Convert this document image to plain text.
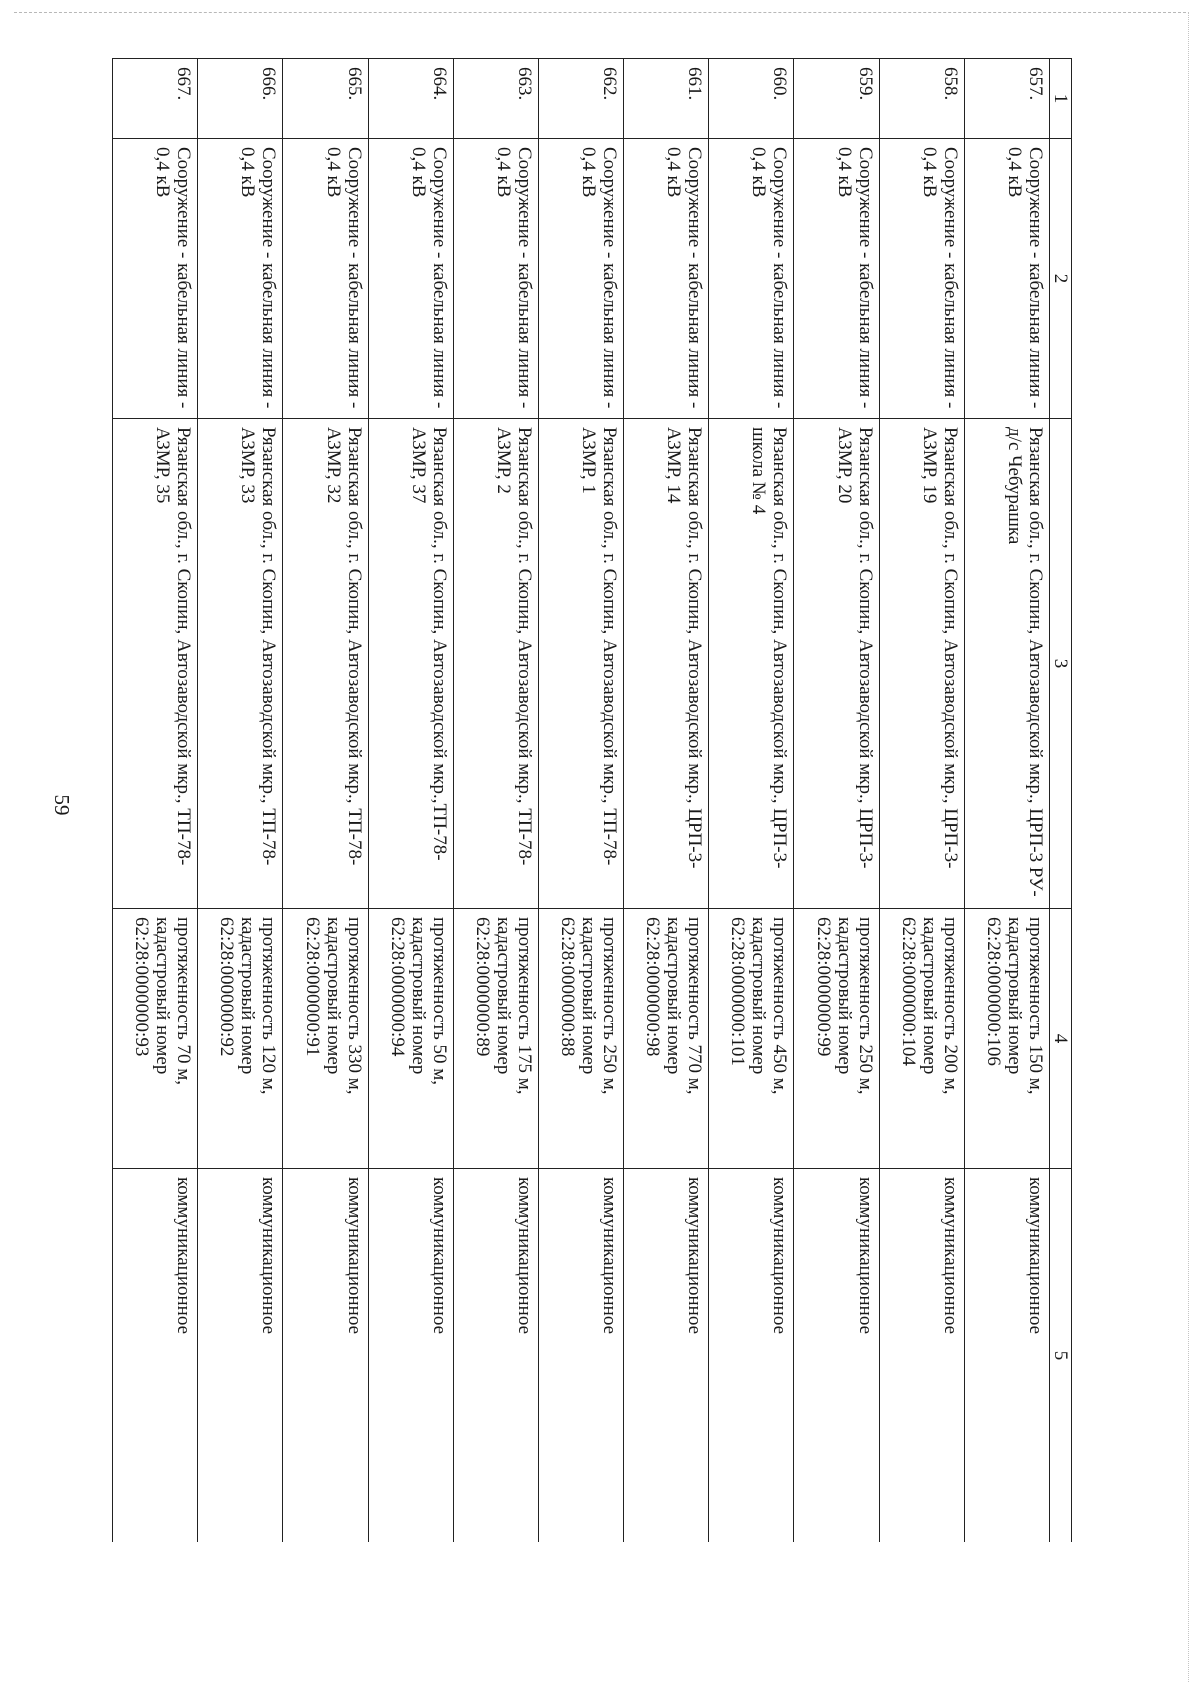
59
1	2	3	4	5
657.	Сооружение - кабельная линия - 0,4 кВ	Рязанская обл., г. Скопин, Автозаводской мкр., ЦРП-3 РУ-д/с Чебурашка	протяженность 150 м, кадастровый номер 62:28:0000000:106	коммуникационное
658.	Сооружение - кабельная линия - 0,4 кВ	Рязанская обл., г. Скопин, Автозаводской мкр., ЦРП-3-АЗМР, 19	протяженность 200 м, кадастровый номер 62:28:0000000:104	коммуникационное
659.	Сооружение - кабельная линия - 0,4 кВ	Рязанская обл., г. Скопин, Автозаводской мкр., ЦРП-3-АЗМР, 20	протяженность 250 м, кадастровый номер 62:28:0000000:99	коммуникационное
660.	Сооружение - кабельная линия - 0,4 кВ	Рязанская обл., г. Скопин, Автозаводской мкр., ЦРП-3- школа № 4	протяженность 450 м, кадастровый номер 62:28:0000000:101	коммуникационное
661.	Сооружение - кабельная линия - 0,4 кВ	Рязанская обл., г. Скопин, Автозаводской мкр., ЦРП-3-АЗМР, 14	протяженность 770 м, кадастровый номер 62:28:0000000:98	коммуникационное
662.	Сооружение - кабельная линия - 0,4 кВ	Рязанская обл., г. Скопин, Автозаводской мкр., ТП-78-АЗМР, 1	протяженность 250 м, кадастровый номер 62:28:0000000:88	коммуникационное
663.	Сооружение - кабельная линия - 0,4 кВ	Рязанская обл., г. Скопин, Автозаводской мкр., ТП-78-АЗМР, 2	протяженность 175 м, кадастровый номер 62:28:0000000:89	коммуникационное
664.	Сооружение - кабельная линия - 0,4 кВ	Рязанская обл., г. Скопин, Автозаводской мкр.,ТП-78-АЗМР, 37	протяженность 50 м, кадастровый номер 62:28:0000000:94	коммуникационное
665.	Сооружение - кабельная линия - 0,4 кВ	Рязанская обл., г. Скопин, Автозаводской мкр., ТП-78-АЗМР, 32	протяженность 330 м, кадастровый номер 62:28:0000000:91	коммуникационное
666.	Сооружение - кабельная линия - 0,4 кВ	Рязанская обл., г. Скопин, Автозаводской мкр., ТП-78- АЗМР, 33	протяженность 120 м, кадастровый номер 62:28:0000000:92	коммуникационное
667.	Сооружение - кабельная линия - 0,4 кВ	Рязанская обл., г. Скопин, Автозаводской мкр., ТП-78-АЗМР, 35	протяженность 70 м, кадастровый номер 62:28:0000000:93	коммуникационное
